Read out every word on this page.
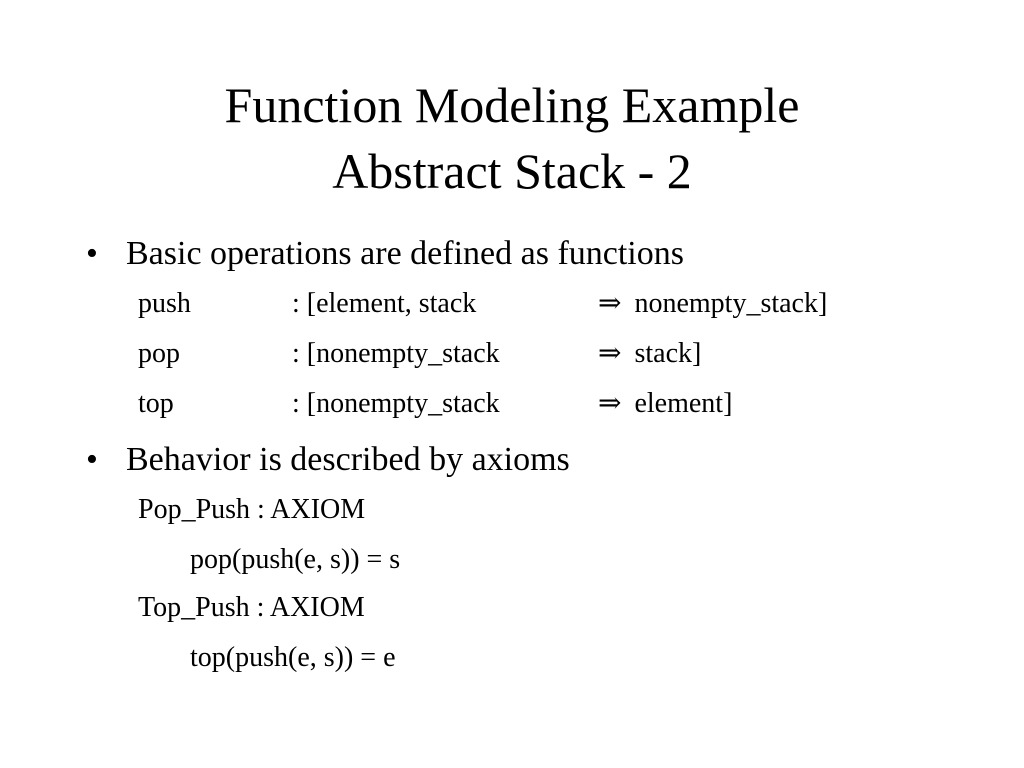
Function Modeling Example
Abstract Stack - 2
• Basic operations are defined as functions
push	: [element, stack	⇒ nonempty_stack]
pop	: [nonempty_stack	⇒ stack]
top	: [nonempty_stack	⇒ element]
• Behavior is described by axioms
Pop_Push : AXIOM
pop(push(e, s)) = s
Top_Push : AXIOM
top(push(e, s)) = e
